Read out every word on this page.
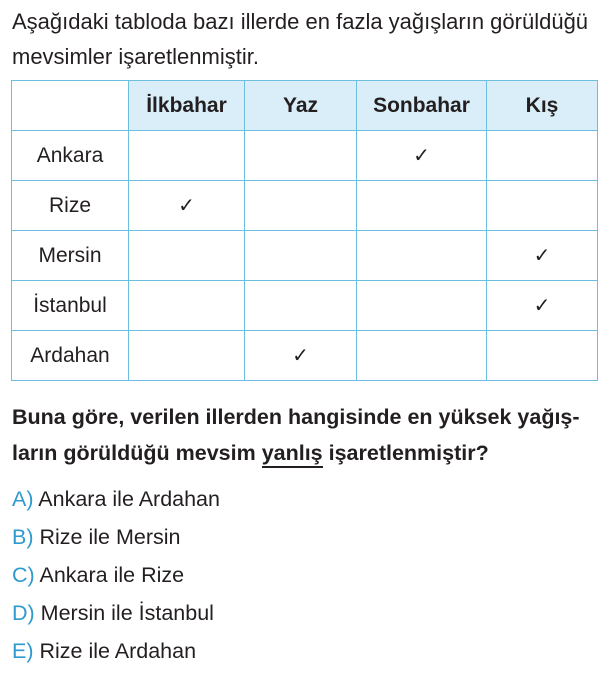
Aşağıdaki tabloda bazı illerde en fazla yağışların görüldüğü
mevsimler işaretlenmiştir.
	İlkbahar	Yaz	Sonbahar	Kış
Ankara			✓	
Rize	✓			
Mersin				✓
İstanbul				✓
Ardahan		✓		
Buna göre, verilen illerden hangisinde en yüksek yağış-
ların görüldüğü mevsim yanlış işaretlenmiştir?
A) Ankara ile Ardahan
B) Rize ile Mersin
C) Ankara ile Rize
D) Mersin ile İstanbul
E) Rize ile Ardahan
